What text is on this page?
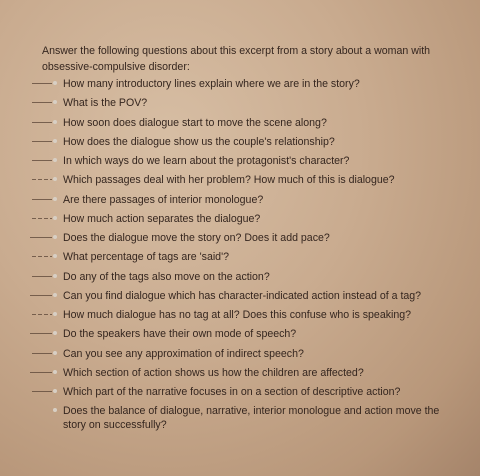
Answer the following questions about this excerpt from a story about a woman with obsessive-compulsive disorder:

How many introductory lines explain where we are in the story?
What is the POV?
How soon does dialogue start to move the scene along?
How does the dialogue show us the couple's relationship?
In which ways do we learn about the protagonist's character?
Which passages deal with her problem? How much of this is dialogue?
Are there passages of interior monologue?
How much action separates the dialogue?
Does the dialogue move the story on? Does it add pace?
What percentage of tags are 'said'?
Do any of the tags also move on the action?
Can you find dialogue which has character-indicated action instead of a tag?
How much dialogue has no tag at all? Does this confuse who is speaking?
Do the speakers have their own mode of speech?
Can you see any approximation of indirect speech?
Which section of action shows us how the children are affected?
Which part of the narrative focuses in on a section of descriptive action?
Does the balance of dialogue, narrative, interior monologue and action move the story on successfully?
